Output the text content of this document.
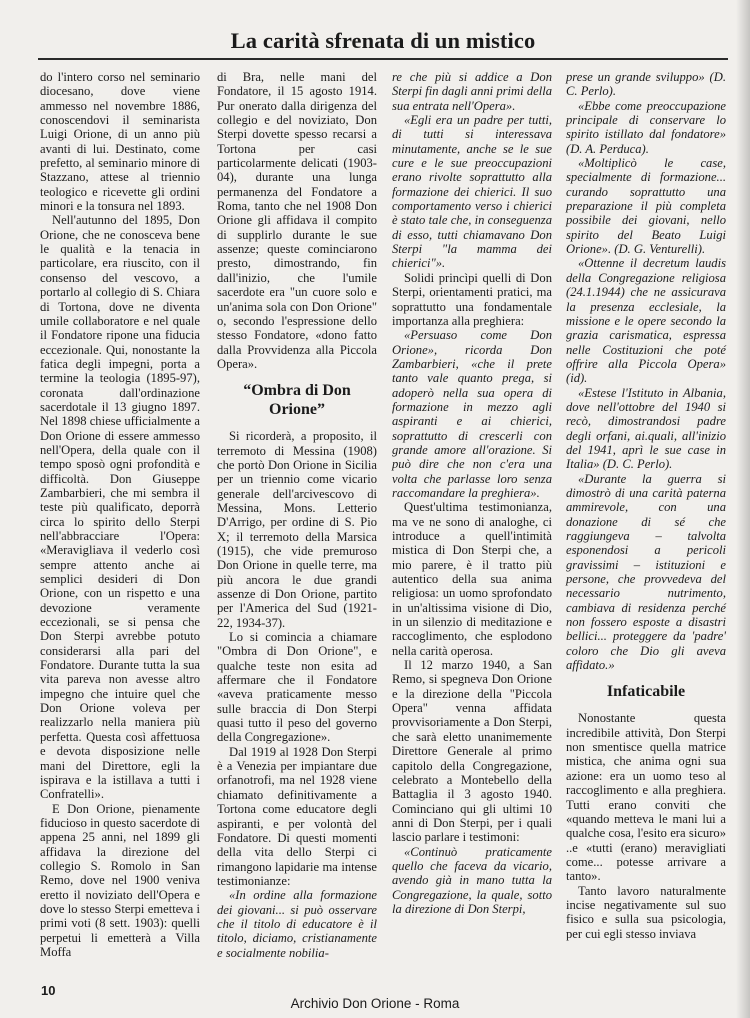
La carità sfrenata di un mistico

do l'intero corso nel seminario diocesano, dove viene ammesso nel novembre 1886, conoscendovi il seminarista Luigi Orione, di un anno più avanti di lui. Destinato, come prefetto, al seminario minore di Stazzano, attese al triennio teologico e ricevette gli ordini minori e la tonsura nel 1893.

Nell'autunno del 1895, Don Orione, che ne conosceva bene le qualità e la tenacia in particolare, era riuscito, con il consenso del vescovo, a portarlo al collegio di S. Chiara di Tortona, dove ne diventa umile collaboratore e nel quale il Fondatore ripone una fiducia eccezionale. Qui, nonostante la fatica degli impegni, porta a termine la teologia (1895-97), coronata dall'ordinazione sacerdotale il 13 giugno 1897. Nel 1898 chiese ufficialmente a Don Orione di essere ammesso nell'Opera, della quale con il tempo sposò ogni profondità e difficoltà. Don Giuseppe Zambarbieri, che mi sembra il teste più qualificato, deporrà circa lo spirito dello Sterpi nell'abbracciare l'Opera: «Meravigliava il vederlo così sempre attento anche ai semplici desideri di Don Orione, con un rispetto e una devozione veramente eccezionali, se si pensa che Don Sterpi avrebbe potuto considerarsi alla pari del Fondatore. Durante tutta la sua vita pareva non avesse altro impegno che intuire quel che Don Orione voleva per realizzarlo nella maniera più perfetta. Questa così affettuosa e devota disposizione nelle mani del Direttore, egli la ispirava e la istillava a tutti i Confratelli».

E Don Orione, pienamente fiducioso in questo sacerdote di appena 25 anni, nel 1899 gli affidava la direzione del collegio S. Romolo in San Remo, dove nel 1900 veniva eretto il noviziato dell'Opera e dove lo stesso Sterpi emetteva i primi voti (8 sett. 1903): quelli perpetui li emetterà a Villa Moffa

di Bra, nelle mani del Fondatore, il 15 agosto 1914. Pur onerato dalla dirigenza del collegio e del noviziato, Don Sterpi dovette spesso recarsi a Tortona per casi particolarmente delicati (1903-04), durante una lunga permanenza del Fondatore a Roma, tanto che nel 1908 Don Orione gli affidava il compito di supplirlo durante le sue assenze; queste cominciarono presto, dimostrando, fin dall'inizio, che l'umile sacerdote era "un cuore solo e un'anima sola con Don Orione" o, secondo l'espressione dello stesso Fondatore, «dono fatto dalla Provvidenza alla Piccola Opera».

“Ombra di Don Orione”

Si ricorderà, a proposito, il terremoto di Messina (1908) che portò Don Orione in Sicilia per un triennio come vicario generale dell'arcivescovo di Messina, Mons. Letterio D'Arrigo, per ordine di S. Pio X; il terremoto della Marsica (1915), che vide premuroso Don Orione in quelle terre, ma più ancora le due grandi assenze di Don Orione, partito per l'America del Sud (1921-22, 1934-37).

Lo si comincia a chiamare "Ombra di Don Orione", e qualche teste non esita ad affermare che il Fondatore «aveva praticamente messo sulle braccia di Don Sterpi quasi tutto il peso del governo della Congregazione».

Dal 1919 al 1928 Don Sterpi è a Venezia per impiantare due orfanotrofi, ma nel 1928 viene chiamato definitivamente a Tortona come educatore degli aspiranti, e per volontà del Fondatore. Di questi momenti della vita dello Sterpi ci rimangono lapidarie ma intense testimonianze:

«In ordine alla formazione dei giovani... si può osservare che il titolo di educatore è il titolo, diciamo, cristianamente e socialmente nobilia-

re che più si addice a Don Sterpi fin dagli anni primi della sua entrata nell'Opera».

«Egli era un padre per tutti, di tutti si interessava minutamente, anche se le sue cure e le sue preoccupazioni erano rivolte soprattutto alla formazione dei chierici. Il suo comportamento verso i chierici è stato tale che, in conseguenza di esso, tutti chiamavano Don Sterpi "la mamma dei chierici"».

Solidi princìpi quelli di Don Sterpi, orientamenti pratici, ma soprattutto una fondamentale importanza alla preghiera:

«Persuaso come Don Orione», ricorda Don Zambarbieri, «che il prete tanto vale quanto prega, si adoperò nella sua opera di formazione in mezzo agli aspiranti e ai chierici, soprattutto di crescerli con grande amore all'orazione. Si può dire che non c'era una volta che parlasse loro senza raccomandare la preghiera».

Quest'ultima testimonianza, ma ve ne sono di analoghe, ci introduce a quell'intimità mistica di Don Sterpi che, a mio parere, è il tratto più autentico della sua anima religiosa: un uomo sprofondato in un'altissima visione di Dio, in un silenzio di meditazione e raccoglimento, che esplodono nella carità operosa.

Il 12 marzo 1940, a San Remo, si spegneva Don Orione e la direzione della "Piccola Opera" venna affidata provvisoriamente a Don Sterpi, che sarà eletto unanimemente Direttore Generale al primo capitolo della Congregazione, celebrato a Montebello della Battaglia il 3 agosto 1940. Cominciano qui gli ultimi 10 anni di Don Sterpi, per i quali lascio parlare i testimoni:

«Continuò praticamente quello che faceva da vicario, avendo già in mano tutta la Congregazione, la quale, sotto la direzione di Don Sterpi,

prese un grande sviluppo» (D. C. Perlo).

«Ebbe come preoccupazione principale di conservare lo spirito istillato dal fondatore» (D. A. Perduca).

«Moltiplicò le case, specialmente di formazione... curando soprattutto una preparazione il più completa possibile dei giovani, nello spirito del Beato Luigi Orione». (D. G. Venturelli).

«Ottenne il decretum laudis della Congregazione religiosa (24.1.1944) che ne assicurava la presenza ecclesiale, la missione e le opere secondo la grazia carismatica, espressa nelle Costituzioni che poté offrire alla Piccola Opera» (id).

«Estese l'Istituto in Albania, dove nell'ottobre del 1940 si recò, dimostrandosi padre degli orfani, ai.quali, all'inizio del 1941, aprì le sue case in Italia» (D. C. Perlo).

«Durante la guerra si dimostrò di una carità paterna ammirevole, con una donazione di sé che raggiungeva – talvolta esponendosi a pericoli gravissimi – istituzioni e persone, che provvedeva del necessario nutrimento, cambiava di residenza perché non fossero esposte a disastri bellici... proteggere da 'padre' coloro che Dio gli aveva affidato.»

Infaticabile

Nonostante questa incredibile attività, Don Sterpi non smentisce quella matrice mistica, che anima ogni sua azione: era un uomo teso al raccoglimento e alla preghiera. Tutti erano conviti che «quando metteva le mani lui a qualche cosa, l'esito era sicuro» ..e «tutti (erano) meravigliati come... potesse arrivare a tanto».

Tanto lavoro naturalmente incise negativamente sul suo fisico e sulla sua psicologia, per cui egli stesso inviava

10
Archivio Don Orione - Roma
